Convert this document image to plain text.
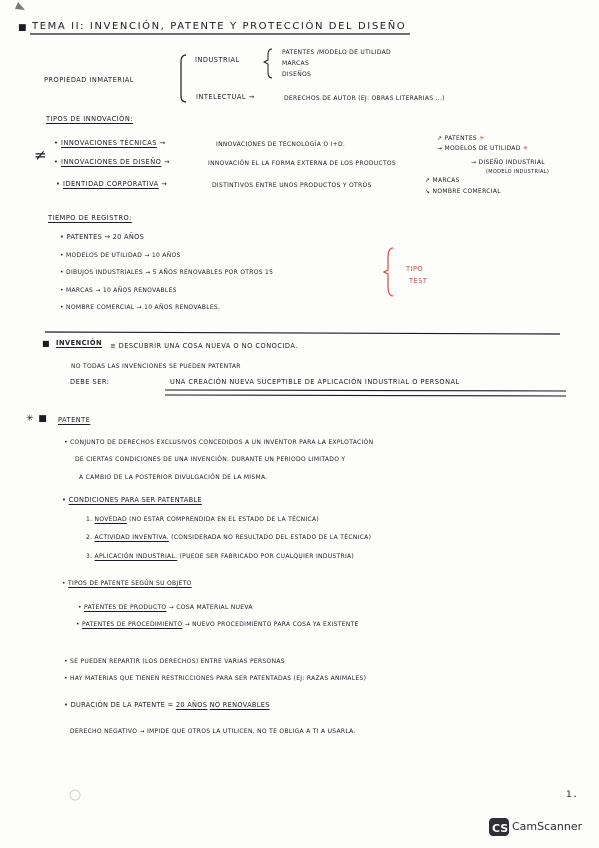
≠
CS
■ TEMA II: INVENCIÓN, PATENTE Y PROTECCIÓN DEL DISEÑO
PROPIEDAD INMATERIAL
INDUSTRIAL
PATENTES /MODELO DE UTILIDAD
MARCAS
DISEÑOS
INTELECTUAL →	DERECHOS DE AUTOR (EJ: OBRAS LITERARIAS ...)
TIPOS DE INNOVACIÓN:
• INNOVACIONES TÉCNICAS →	INNOVACIONES DE TECNOLOGÍA O I+D.
↗ PATENTES ✳
→ MODELOS DE UTILIDAD ✳
• INNOVACIONES DE DISEÑO →	INNOVACIÓN EL LA FORMA EXTERNA DE LOS PRODUCTOS	→ DISEÑO INDUSTRIAL
(MODELO INDUSTRIAL)
• IDENTIDAD CORPORATIVA →	DISTINTIVOS ENTRE UNOS PRODUCTOS Y OTROS
↗ MARCAS
↘ NOMBRE COMERCIAL
TIEMPO DE REGISTRO:
• PATENTES → 20 AÑOS
• MODELOS DE UTILIDAD → 10 AÑOS
• DIBUJOS INDUSTRIALES → 5 AÑOS RENOVABLES POR OTROS 15
• MARCAS → 10 AÑOS RENOVABLES
• NOMBRE COMERCIAL → 10 AÑOS RENOVABLES.
TIPO
TEST
■ INVENCIÓN ≡ DESCUBRIR UNA COSA NUEVA O NO CONOCIDA.
NO TODAS LAS INVENCIONES SE PUEDEN PATENTAR
DEBE SER:	UNA CREACIÓN NUEVA SUCEPTIBLE DE APLICACIÓN INDUSTRIAL O PERSONAL
✳ ■ PATENTE
• CONJUNTO DE DERECHOS EXCLUSIVOS CONCEDIDOS A UN INVENTOR PARA LA EXPLOTACIÓN
DE CIERTAS CONDICIONES DE UNA INVENCIÓN. DURANTE UN PERIODO LIMITADO Y
A CAMBIO DE LA POSTERIOR DIVULGACIÓN DE LA MISMA.
• CONDICIONES PARA SER PATENTABLE
1. NOVEDAD (NO ESTAR COMPRENDIDA EN EL ESTADO DE LA TÉCNICA)
2. ACTIVIDAD INVENTIVA. (CONSIDERADA NO RESULTADO DEL ESTADO DE LA TÉCNICA)
3. APLICACIÓN INDUSTRIAL. (PUEDE SER FABRICADO POR CUALQUIER INDUSTRIA)
• TIPOS DE PATENTE SEGÚN SU OBJETO
• PATENTES DE PRODUCTO → COSA MATERIAL NUEVA
• PATENTES DE PROCEDIMIENTO → NUEVO PROCEDIMIENTO PARA COSA YA EXISTENTE
• SE PUEDEN REPARTIR (LOS DERECHOS) ENTRE VARIAS PERSONAS
• HAY MATERIAS QUE TIENEN RESTRICCIONES PARA SER PATENTADAS (EJ: RAZAS ANIMALES)
• DURACIÓN DE LA PATENTE = 20 AÑOS NO RENOVABLES
DERECHO NEGATIVO → IMPIDE QUE OTROS LA UTILICEN, NO TE OBLIGA A TI A USARLA.
1.
CamScanner
